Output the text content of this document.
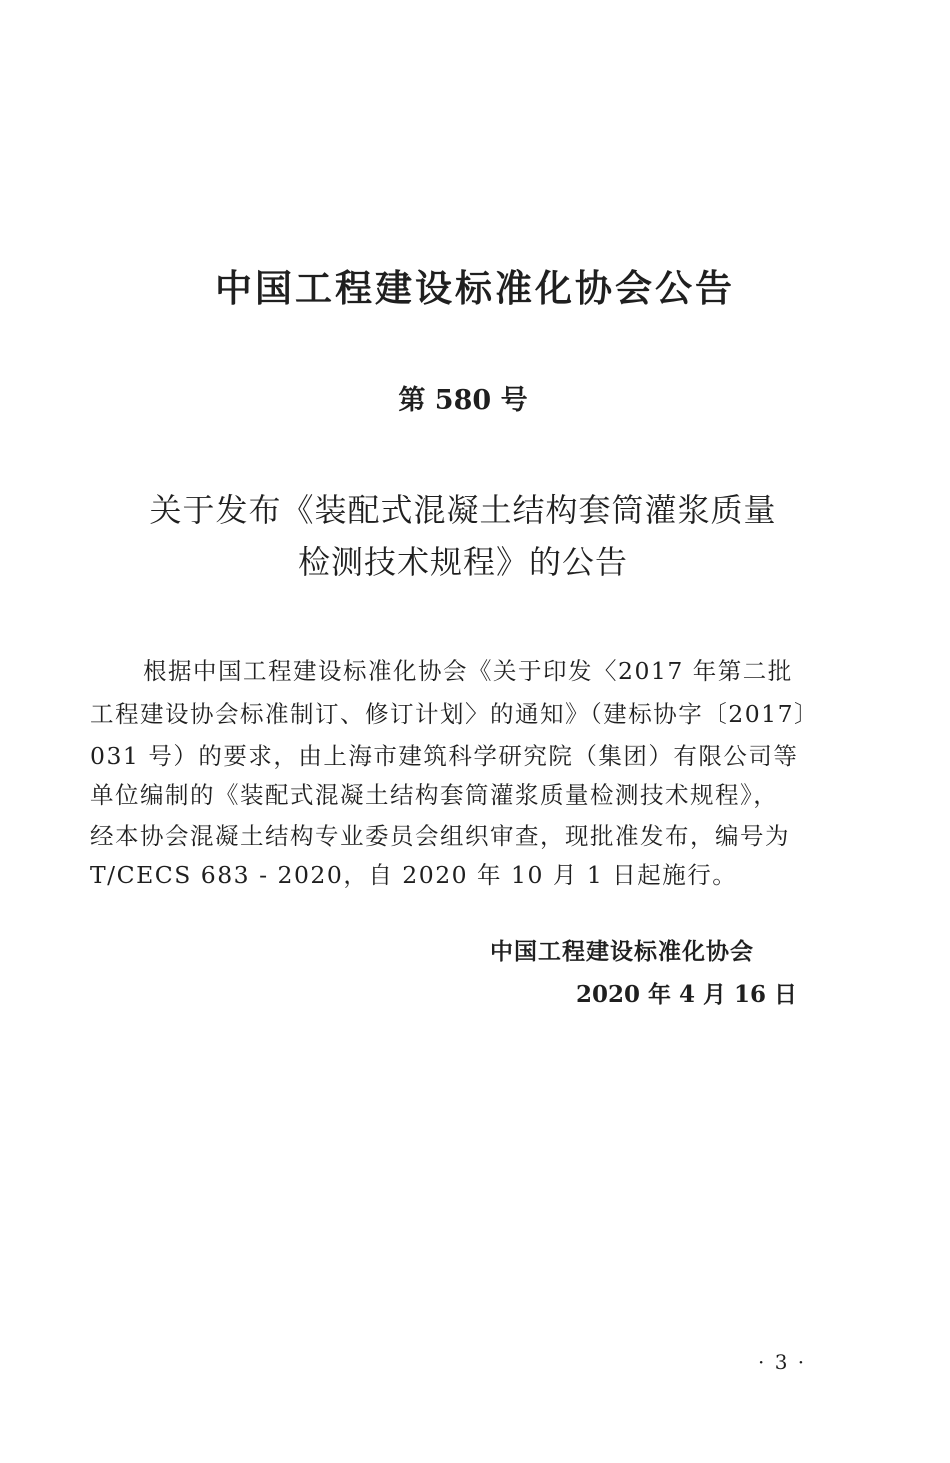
中国工程建设标准化协会公告
第 580 号
关于发布《装配式混凝土结构套筒灌浆质量
检测技术规程》的公告
根据中国工程建设标准化协会《关于印发〈2017 年第二批
工程建设协会标准制订、修订计划〉的通知》（建标协字〔2017〕
031 号）的要求，由上海市建筑科学研究院（集团）有限公司等
单位编制的《装配式混凝土结构套筒灌浆质量检测技术规程》，
经本协会混凝土结构专业委员会组织审查，现批准发布，编号为
T/CECS 683 - 2020，自 2020 年 10 月 1 日起施行。
中国工程建设标准化协会
2020 年 4 月 16 日
· 3 ·
